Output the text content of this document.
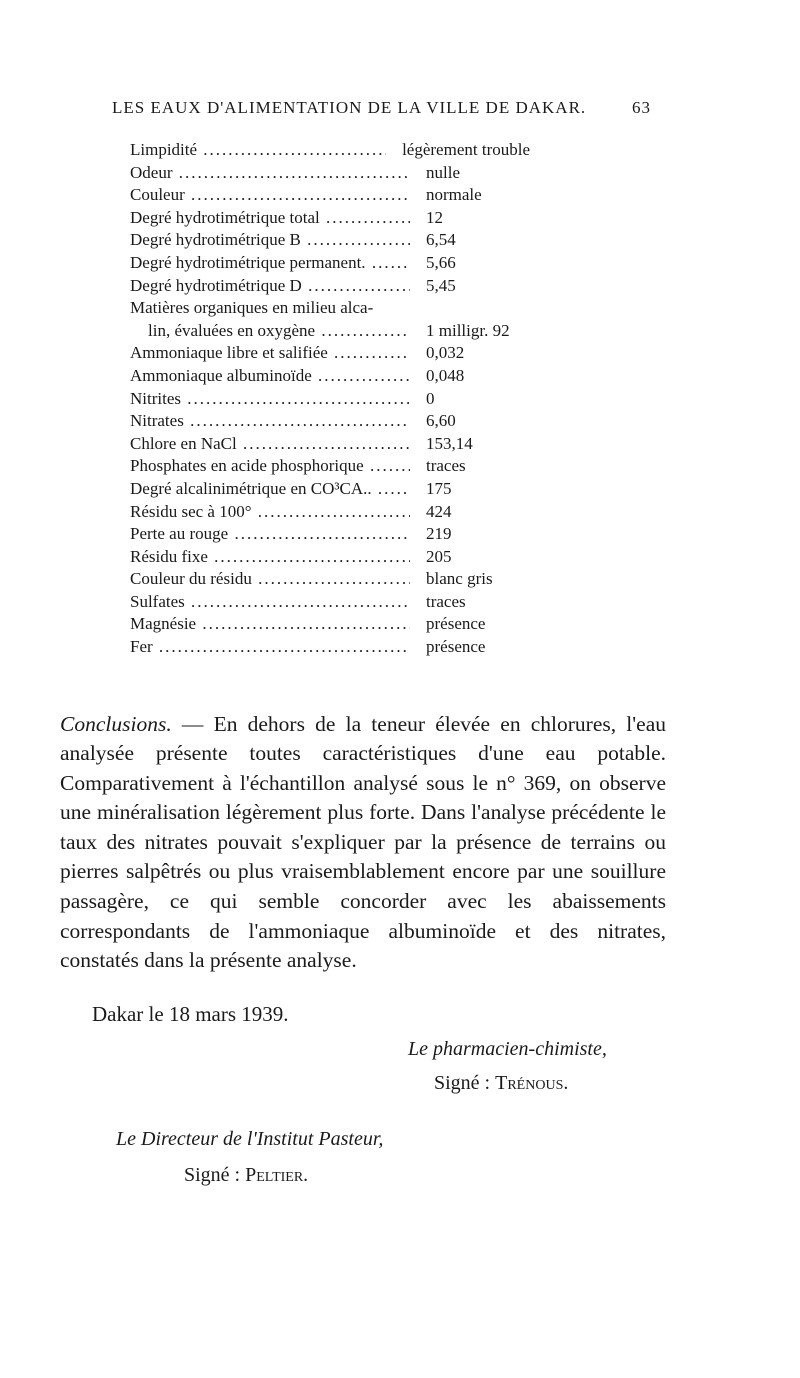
LES EAUX D'ALIMENTATION DE LA VILLE DE DAKAR.	63
Limpidité .....	légèrement trouble
Odeur .....	nulle
Couleur .....	normale
Degré hydrotimétrique total .....	12
Degré hydrotimétrique B .....	6,54
Degré hydrotimétrique permanent. .....	5,66
Degré hydrotimétrique D .....	5,45
Matières organiques en milieu alca-
lin, évaluées en oxygène .....	1 milligr. 92
Ammoniaque libre et salifiée .....	0,032
Ammoniaque albuminoïde .....	0,048
Nitrites .....	0
Nitrates .....	6,60
Chlore en NaCl .....	153,14
Phosphates en acide phosphorique .....	traces
Degré alcalinimétrique en CO³CA.. .....	175
Résidu sec à 100° .....	424
Perte au rouge .....	219
Résidu fixe .....	205
Couleur du résidu .....	blanc gris
Sulfates .....	traces
Magnésie .....	présence
Fer .....	présence

Conclusions. — En dehors de la teneur élevée en chlorures, l'eau analysée présente toutes caractéristiques d'une eau potable. Comparativement à l'échantillon analysé sous le n° 369, on observe une minéralisation légèrement plus forte. Dans l'analyse précédente le taux des nitrates pouvait s'expliquer par la présence de terrains ou pierres salpêtrés ou plus vraisemblablement encore par une souillure passagère, ce qui semble concorder avec les abaissements correspondants de l'ammoniaque albuminoïde et des nitrates, constatés dans la présente analyse.

Dakar le 18 mars 1939.
Le pharmacien-chimiste,
Signé : Trénous.
Le Directeur de l'Institut Pasteur,
Signé : Peltier.
